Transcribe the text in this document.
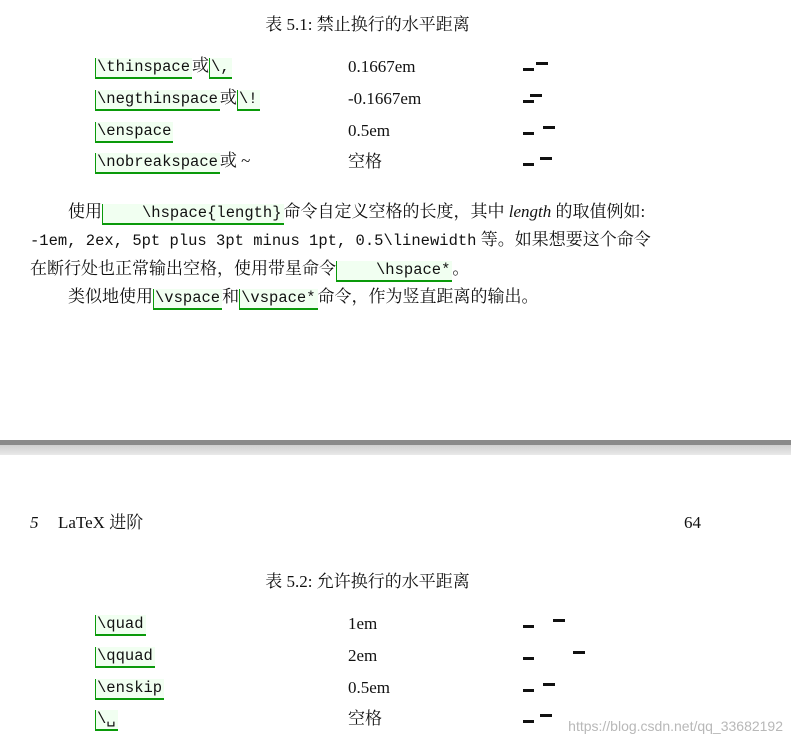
表 5.1: 禁止换行的水平距离
\thinspace 或 \,	0.1667em
\negthinspace 或 \!	-0.1667em
\enspace	0.5em
\nobreakspace 或 ~	空格
使用	\hspace{length} 命令自定义空格的长度，其中 length 的取值例如:
-1em, 2ex, 5pt plus 3pt minus 1pt, 0.5\linewidth 等。如果想要这个命令
在断行处也正常输出空格，使用带星命令	\hspace* 。
类似地使用 \vspace 和 \vspace* 命令，作为竖直距离的输出。
5 LaTeX 进阶	64
表 5.2: 允许换行的水平距离
\quad	1em
\qquad	2em
\enskip	0.5em
\␣	空格	https://blog.csdn.net/qq_33682192
